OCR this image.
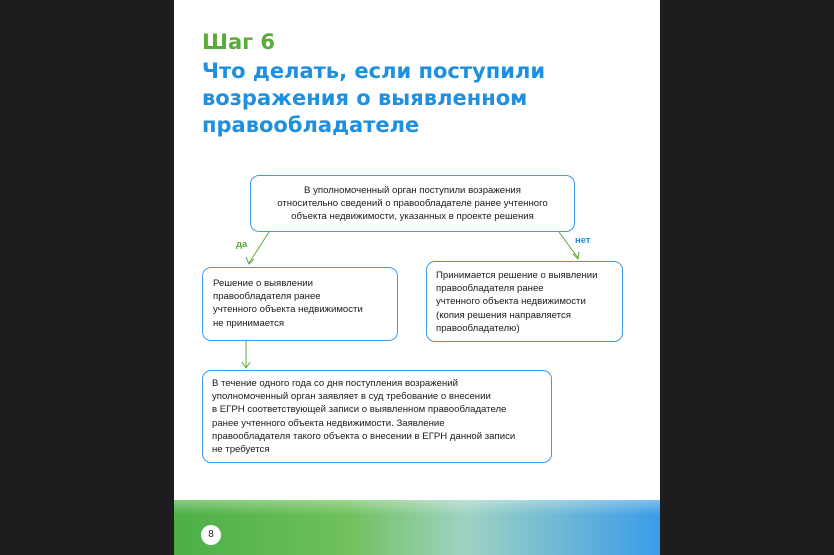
Шаг 6
Что делать, если поступили возражения о выявленном правообладателе
да	нет
В уполномоченный орган поступили возражения
относительно сведений о правообладателе ранее учтенного
объекта недвижимости, указанных в проекте решения
Решение о выявлении
правообладателя ранее
учтенного объекта недвижимости
не принимается
Принимается решение о выявлении
правообладателя ранее
учтенного объекта недвижимости
(копия решения направляется
правообладателю)
В течение одного года со дня поступления возражений
уполномоченный орган заявляет в суд требование о внесении
в ЕГРН соответствующей записи о выявленном правообладателе
ранее учтенного объекта недвижимости. Заявление
правообладателя такого объекта о внесении в ЕГРН данной записи
не требуется
8
